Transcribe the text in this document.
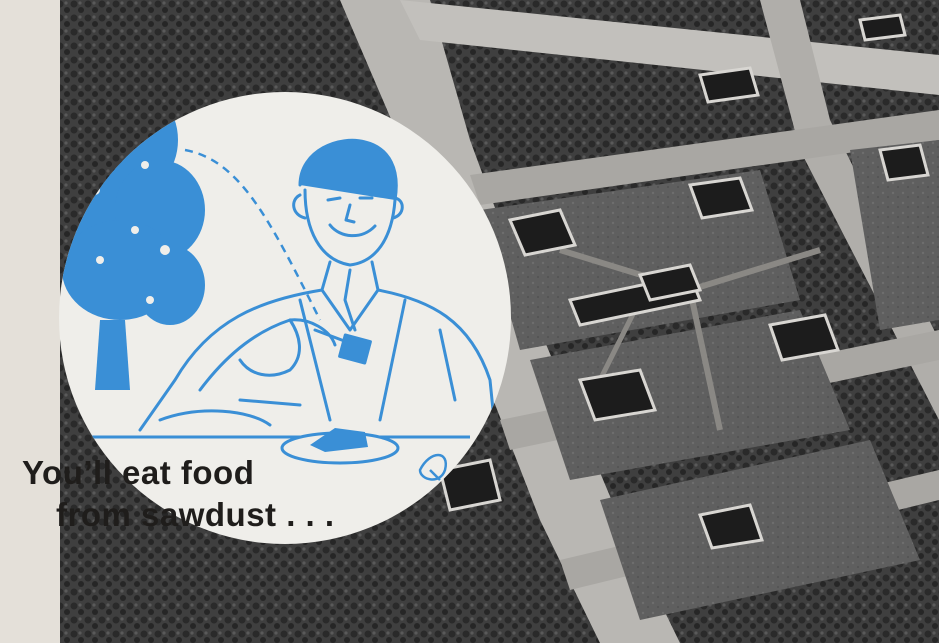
You’ll eat food
from sawdust . . .
